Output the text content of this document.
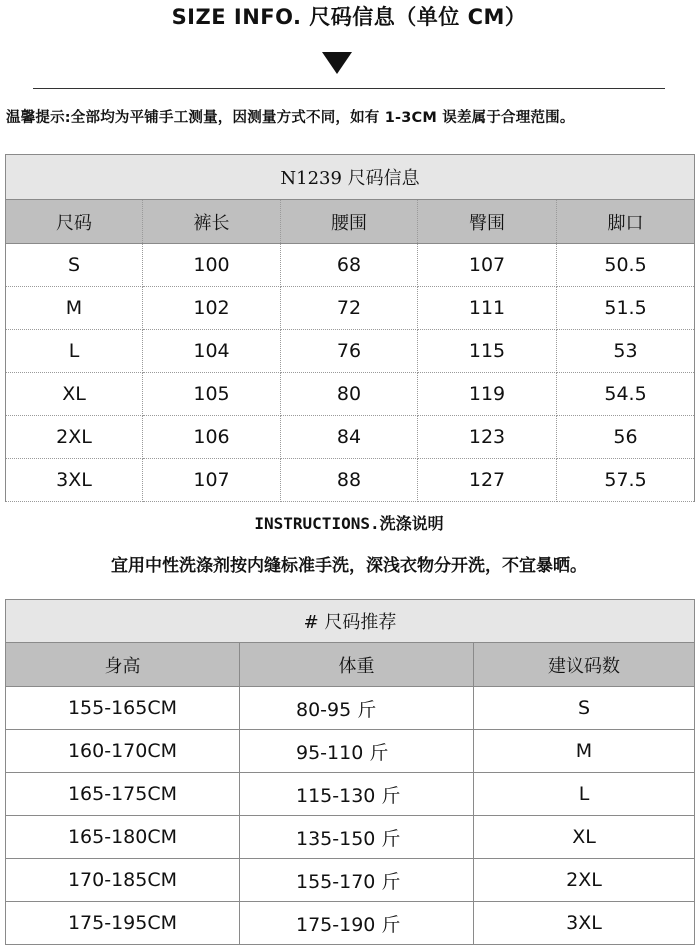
SIZE INFO. 尺码信息（单位 CM）
温馨提示:全部均为平铺手工测量，因测量方式不同，如有 1-3CM 误差属于合理范围。
N1239 尺码信息				
尺码	裤长	腰围	臀围	脚口
S	100	68	107	50.5
M	102	72	111	51.5
L	104	76	115	53
XL	105	80	119	54.5
2XL	106	84	123	56
3XL	107	88	127	57.5
INSTRUCTIONS.洗涤说明
宜用中性洗涤剂按内缝标准手洗，深浅衣物分开洗，不宜暴晒。
# 尺码推荐		
身高	体重	建议码数
155-165CM	80-95 斤	S
160-170CM	95-110 斤	M
165-175CM	115-130 斤	L
165-180CM	135-150 斤	XL
170-185CM	155-170 斤	2XL
175-195CM	175-190 斤	3XL
